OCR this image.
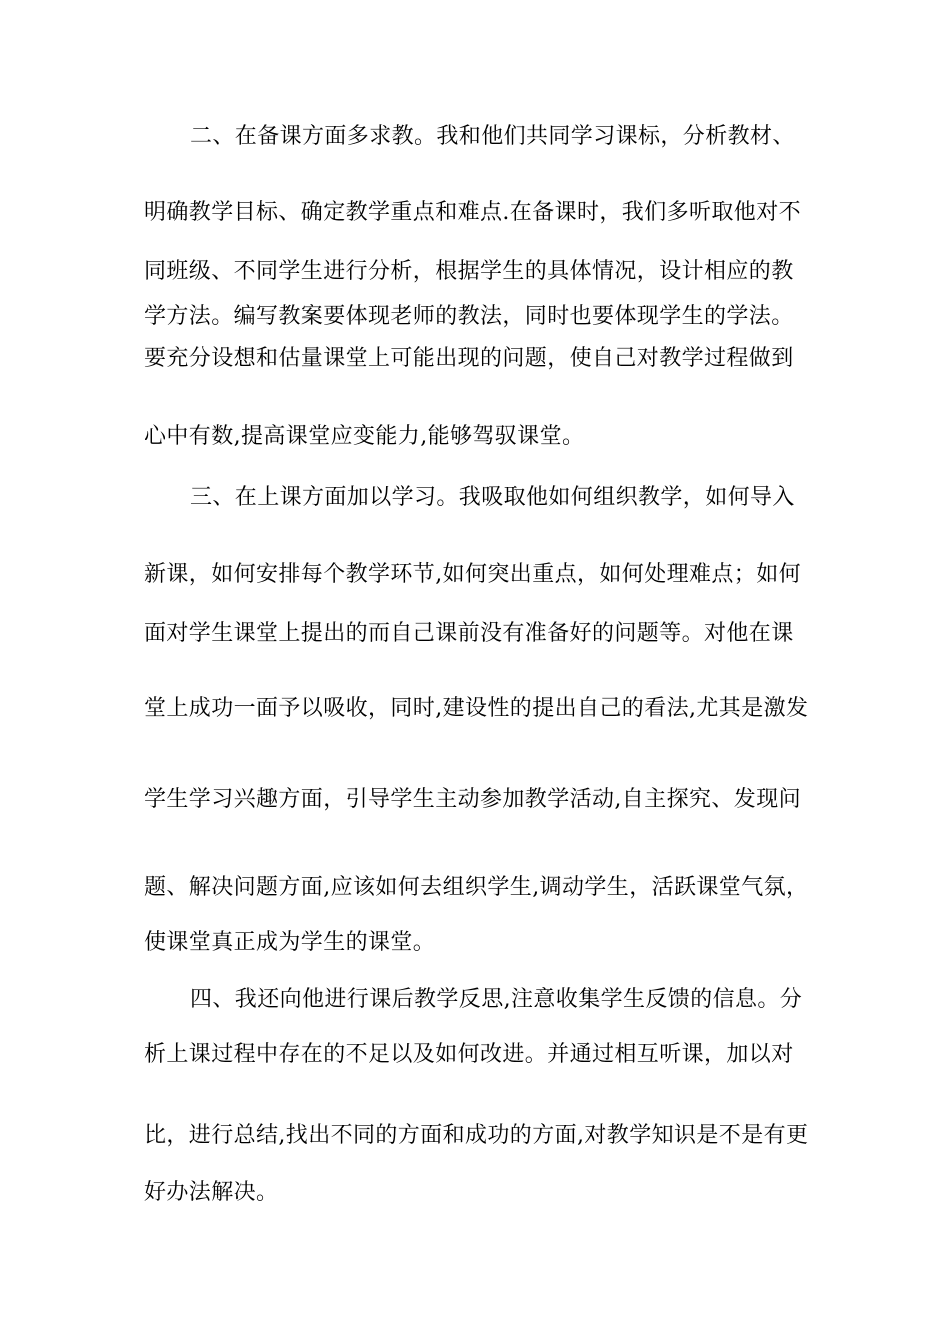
二、在备课方面多求教。我和他们共同学习课标，分析教材、
明确教学目标、确定教学重点和难点.在备课时，我们多听取他对不
同班级、不同学生进行分析，根据学生的具体情况，设计相应的教
学方法。编写教案要体现老师的教法，同时也要体现学生的学法。
要充分设想和估量课堂上可能出现的问题，使自己对教学过程做到
心中有数,提高课堂应变能力,能够驾驭课堂。
三、在上课方面加以学习。我吸取他如何组织教学，如何导入
新课，如何安排每个教学环节,如何突出重点，如何处理难点；如何
面对学生课堂上提出的而自己课前没有准备好的问题等。对他在课
堂上成功一面予以吸收，同时,建设性的提出自己的看法,尤其是激发
学生学习兴趣方面，引导学生主动参加教学活动,自主探究、发现问
题、解决问题方面,应该如何去组织学生,调动学生，活跃课堂气氛，
使课堂真正成为学生的课堂。
四、我还向他进行课后教学反思,注意收集学生反馈的信息。分
析上课过程中存在的不足以及如何改进。并通过相互听课，加以对
比，进行总结,找出不同的方面和成功的方面,对教学知识是不是有更
好办法解决。
